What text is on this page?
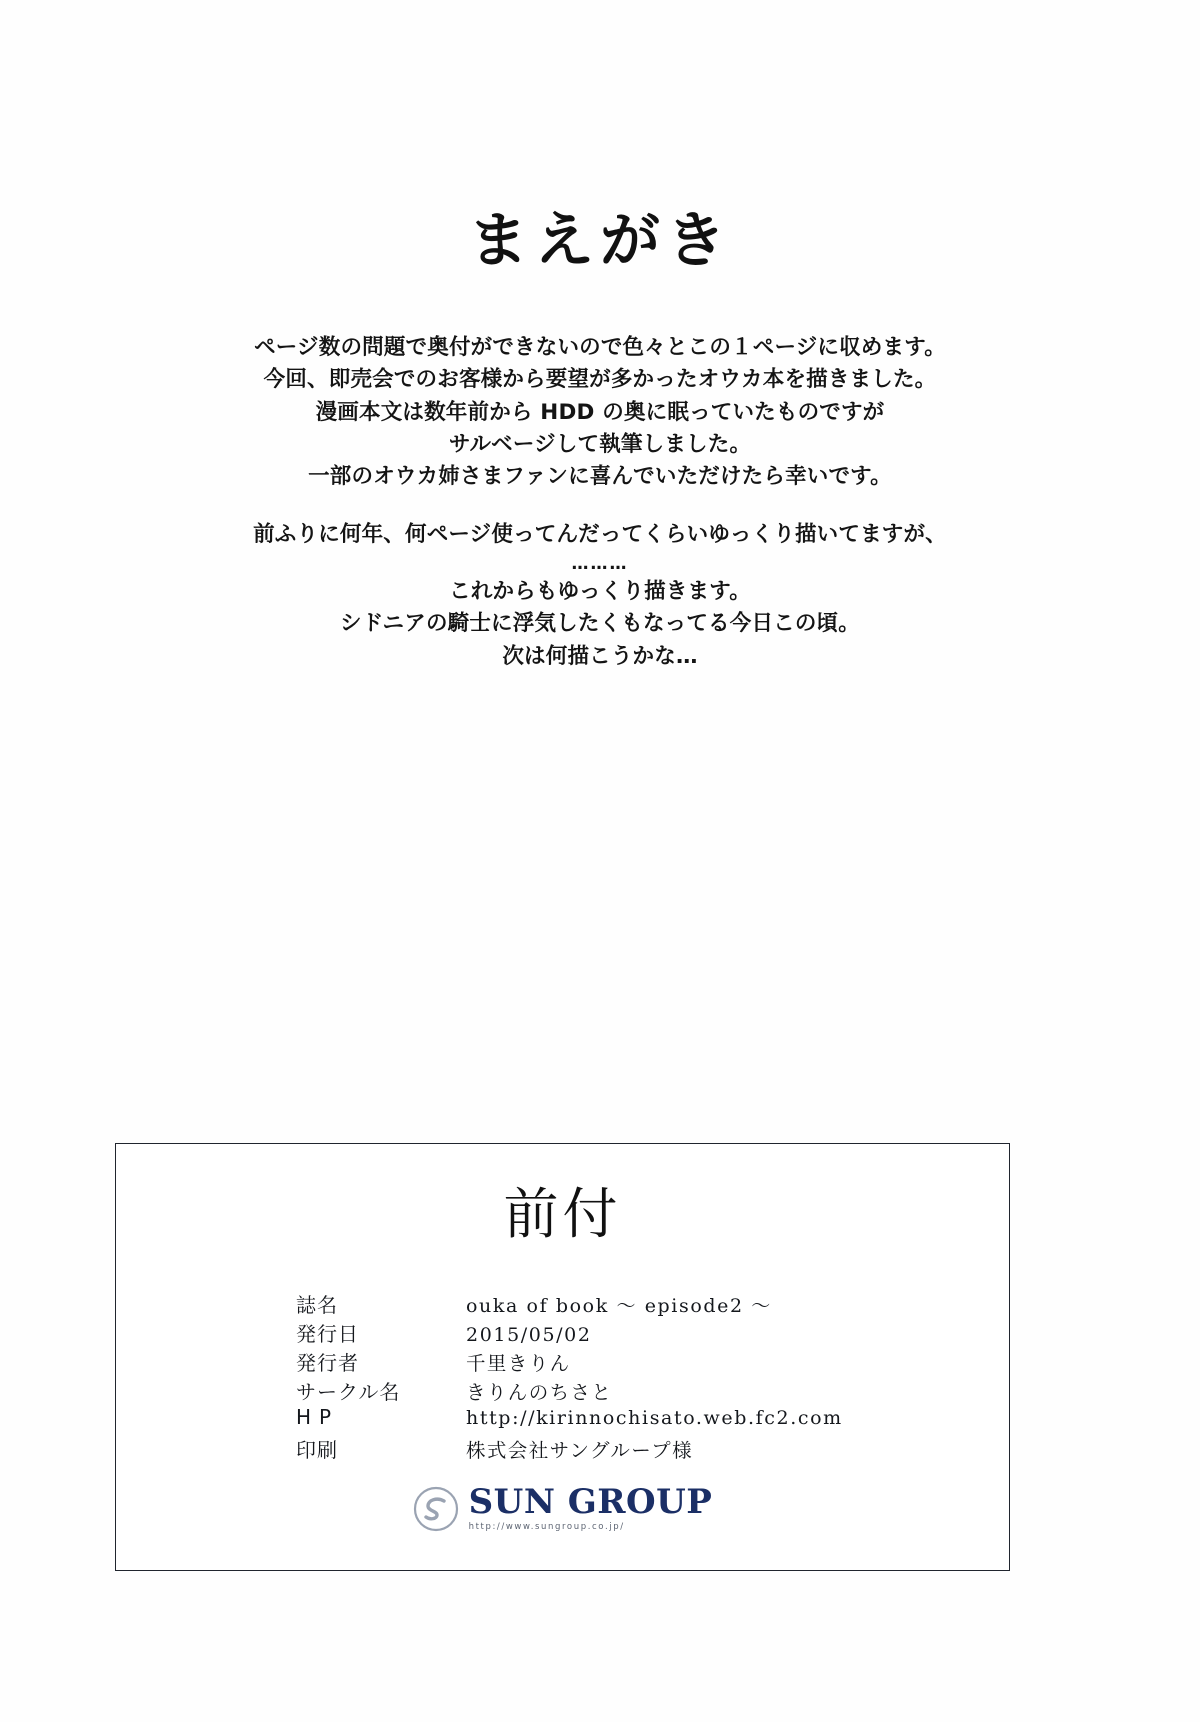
まえがき
ページ数の問題で奥付ができないので色々とこの１ページに収めます。
今回、即売会でのお客様から要望が多かったオウカ本を描きました。
漫画本文は数年前から HDD の奥に眠っていたものですが
サルベージして執筆しました。
一部のオウカ姉さまファンに喜んでいただけたら幸いです。
前ふりに何年、何ページ使ってんだってくらいゆっくり描いてますが、
………
これからもゆっくり描きます。
シドニアの騎士に浮気したくもなってる今日この頃。
次は何描こうかな…
前付
誌名	ouka of book 〜 episode2 〜
発行日	2015/05/02
発行者	千里きりん
サークル名	きりんのちさと
HP	http://kirinnochisato.web.fc2.com
印刷	株式会社サングループ様
SUN GROUP
http://www.sungroup.co.jp/
